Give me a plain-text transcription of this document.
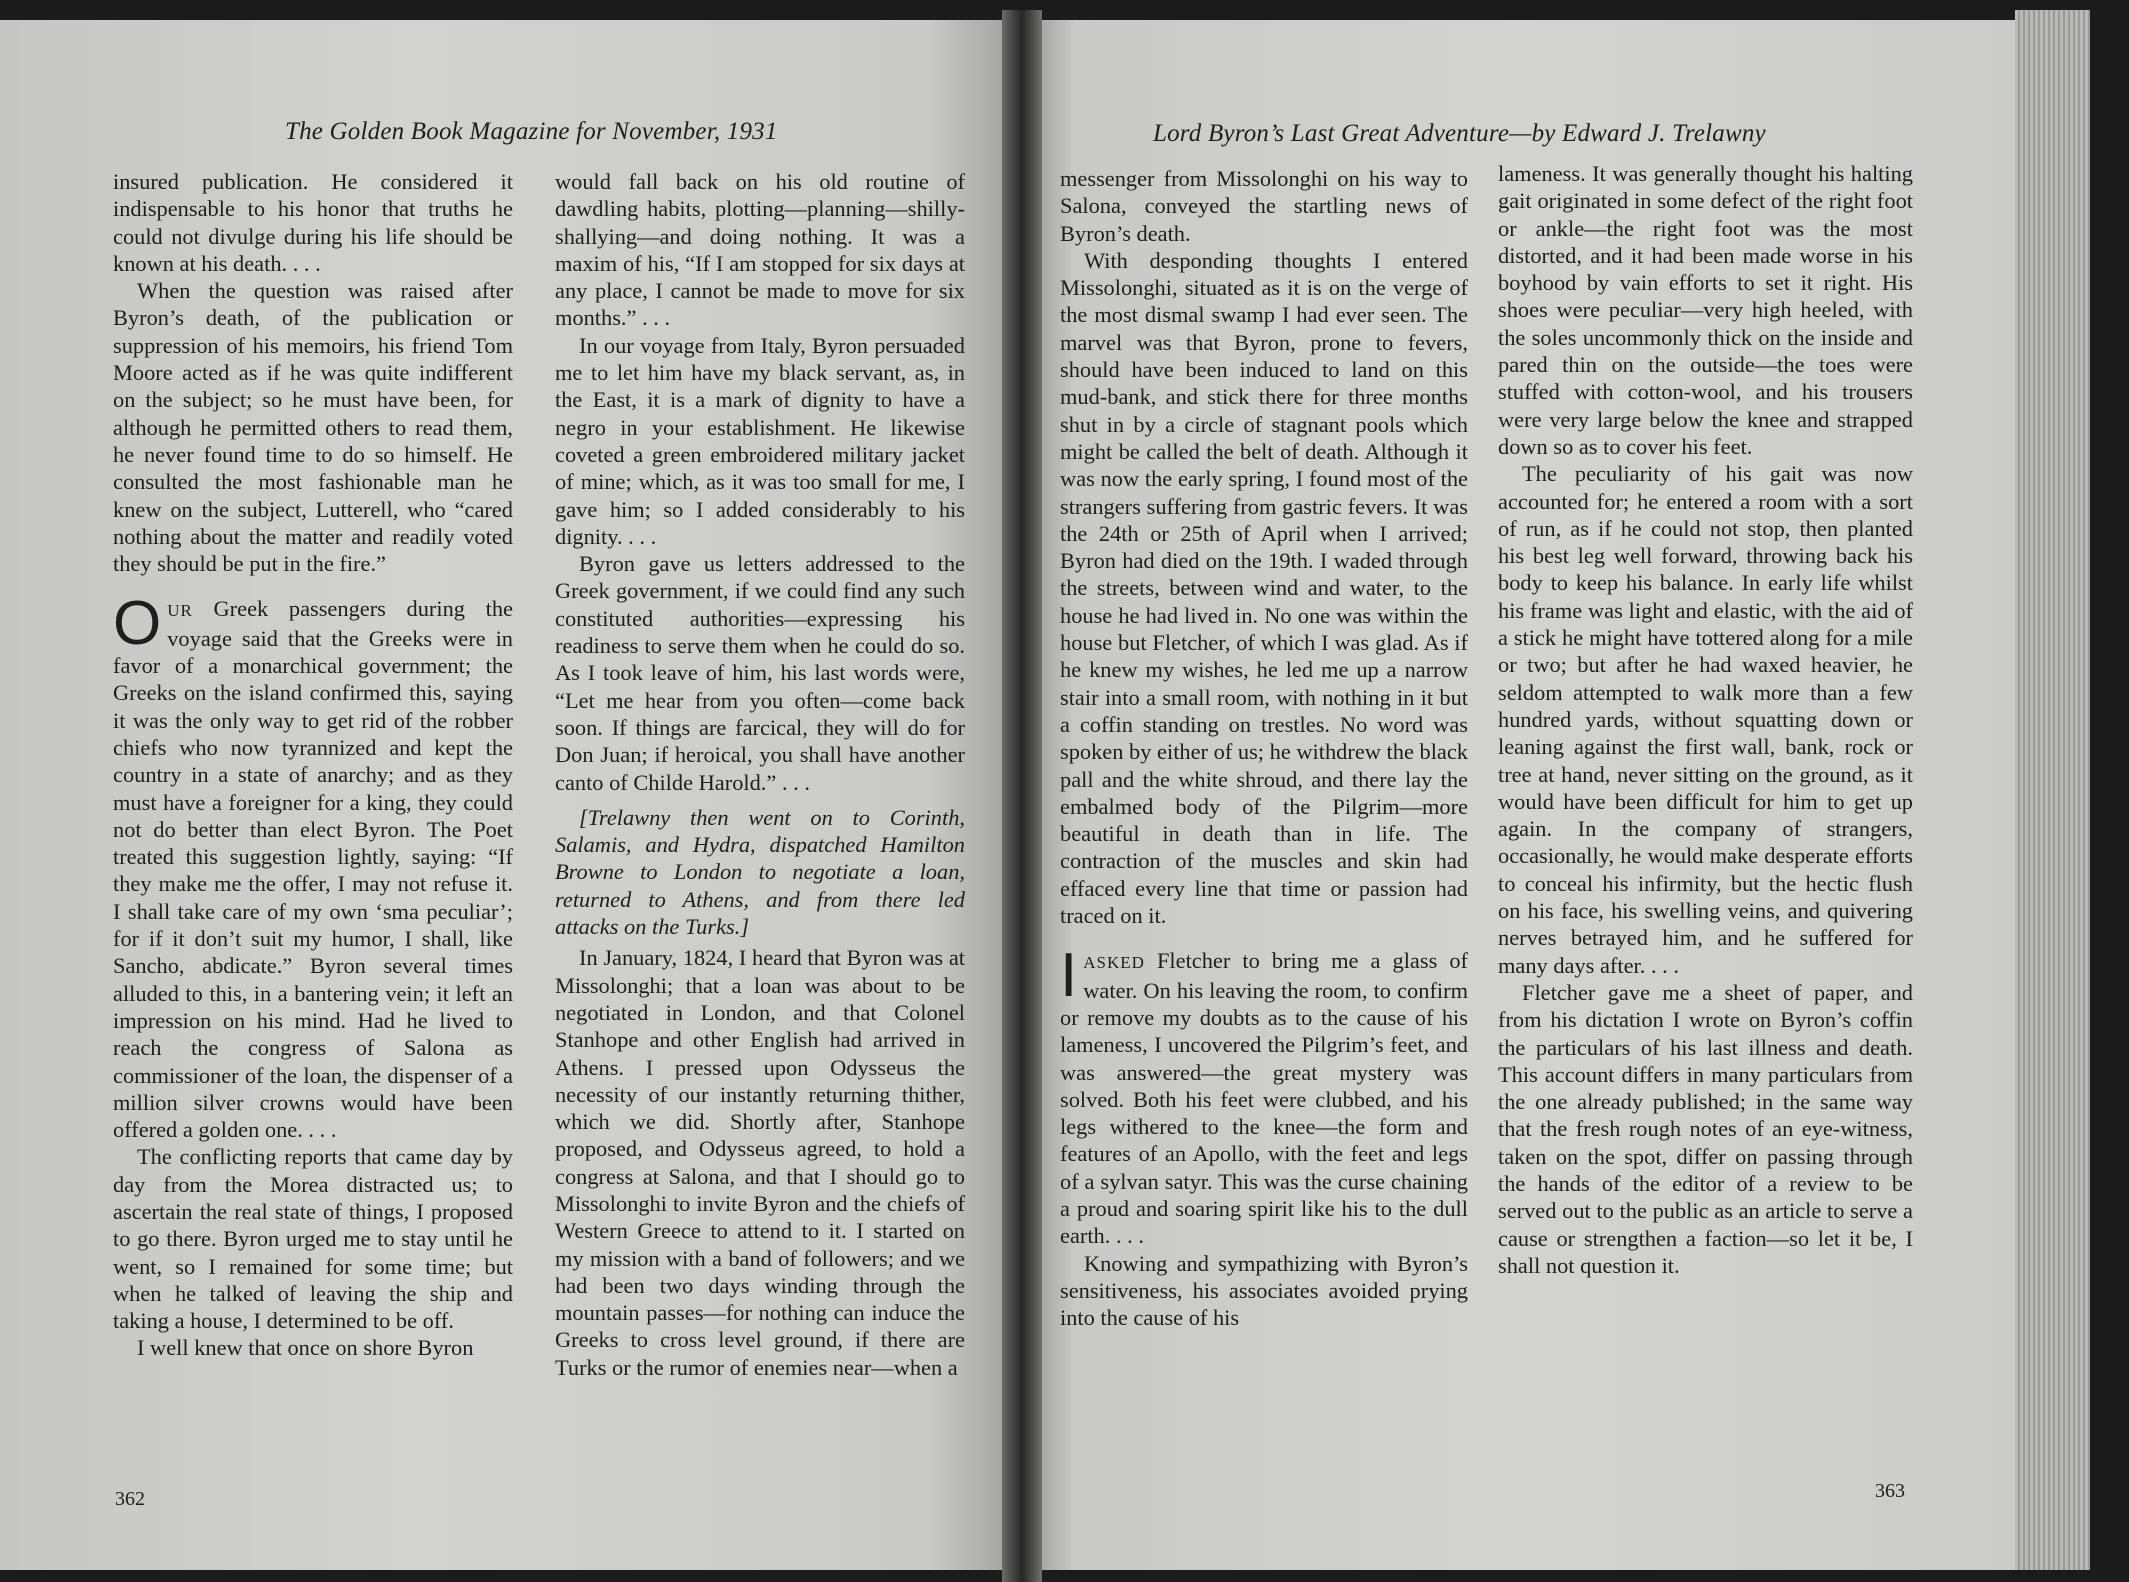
The Golden Book Magazine for November, 1931

insured publication. He considered it indispensable to his honor that truths he could not divulge during his life should be known at his death. . . .

When the question was raised after Byron’s death, of the publication or suppression of his memoirs, his friend Tom Moore acted as if he was quite indifferent on the subject; so he must have been, for although he permitted others to read them, he never found time to do so himself. He consulted the most fashionable man he knew on the subject, Lutterell, who “cared nothing about the matter and readily voted they should be put in the fire.”

OUR Greek passengers during the voyage said that the Greeks were in favor of a monarchical government; the Greeks on the island confirmed this, saying it was the only way to get rid of the robber chiefs who now tyrannized and kept the country in a state of anarchy; and as they must have a foreigner for a king, they could not do better than elect Byron. The Poet treated this suggestion lightly, saying: “If they make me the offer, I may not refuse it. I shall take care of my own ‘sma peculiar’; for if it don’t suit my humor, I shall, like Sancho, abdicate.” Byron several times alluded to this, in a bantering vein; it left an impression on his mind. Had he lived to reach the congress of Salona as commissioner of the loan, the dispenser of a million silver crowns would have been offered a golden one. . . .

The conflicting reports that came day by day from the Morea distracted us; to ascertain the real state of things, I proposed to go there. Byron urged me to stay until he went, so I remained for some time; but when he talked of leaving the ship and taking a house, I determined to be off.

I well knew that once on shore Byron

would fall back on his old routine of dawdling habits, plotting—planning—shilly-shallying—and doing nothing. It was a maxim of his, “If I am stopped for six days at any place, I cannot be made to move for six months.” . . .

In our voyage from Italy, Byron persuaded me to let him have my black servant, as, in the East, it is a mark of dignity to have a negro in your establishment. He likewise coveted a green embroidered military jacket of mine; which, as it was too small for me, I gave him; so I added considerably to his dignity. . . .

Byron gave us letters addressed to the Greek government, if we could find any such constituted authorities—expressing his readiness to serve them when he could do so. As I took leave of him, his last words were, “Let me hear from you often—come back soon. If things are farcical, they will do for Don Juan; if heroical, you shall have another canto of Childe Harold.” . . .

[Trelawny then went on to Corinth, Salamis, and Hydra, dispatched Hamilton Browne to London to negotiate a loan, returned to Athens, and from there led attacks on the Turks.]

In January, 1824, I heard that Byron was at Missolonghi; that a loan was about to be negotiated in London, and that Colonel Stanhope and other English had arrived in Athens. I pressed upon Odysseus the necessity of our instantly returning thither, which we did. Shortly after, Stanhope proposed, and Odysseus agreed, to hold a congress at Salona, and that I should go to Missolonghi to invite Byron and the chiefs of Western Greece to attend to it. I started on my mission with a band of followers; and we had been two days winding through the mountain passes—for nothing can induce the Greeks to cross level ground, if there are Turks or the rumor of enemies near—when a

362
Lord Byron’s Last Great Adventure—by Edward J. Trelawny

messenger from Missolonghi on his way to Salona, conveyed the startling news of Byron’s death.

With desponding thoughts I entered Missolonghi, situated as it is on the verge of the most dismal swamp I had ever seen. The marvel was that Byron, prone to fevers, should have been induced to land on this mud-bank, and stick there for three months shut in by a circle of stagnant pools which might be called the belt of death. Although it was now the early spring, I found most of the strangers suffering from gastric fevers. It was the 24th or 25th of April when I arrived; Byron had died on the 19th. I waded through the streets, between wind and water, to the house he had lived in. No one was within the house but Fletcher, of which I was glad. As if he knew my wishes, he led me up a narrow stair into a small room, with nothing in it but a coffin standing on trestles. No word was spoken by either of us; he withdrew the black pall and the white shroud, and there lay the embalmed body of the Pilgrim—more beautiful in death than in life. The contraction of the muscles and skin had effaced every line that time or passion had traced on it.

IASKED Fletcher to bring me a glass of water. On his leaving the room, to confirm or remove my doubts as to the cause of his lameness, I uncovered the Pilgrim’s feet, and was answered—the great mystery was solved. Both his feet were clubbed, and his legs withered to the knee—the form and features of an Apollo, with the feet and legs of a sylvan satyr. This was the curse chaining a proud and soaring spirit like his to the dull earth. . . .

Knowing and sympathizing with Byron’s sensitiveness, his associates avoided prying into the cause of his

lameness. It was generally thought his halting gait originated in some defect of the right foot or ankle—the right foot was the most distorted, and it had been made worse in his boyhood by vain efforts to set it right. His shoes were peculiar—very high heeled, with the soles uncommonly thick on the inside and pared thin on the outside—the toes were stuffed with cotton-wool, and his trousers were very large below the knee and strapped down so as to cover his feet.

The peculiarity of his gait was now accounted for; he entered a room with a sort of run, as if he could not stop, then planted his best leg well forward, throwing back his body to keep his balance. In early life whilst his frame was light and elastic, with the aid of a stick he might have tottered along for a mile or two; but after he had waxed heavier, he seldom attempted to walk more than a few hundred yards, without squatting down or leaning against the first wall, bank, rock or tree at hand, never sitting on the ground, as it would have been difficult for him to get up again. In the company of strangers, occasionally, he would make desperate efforts to conceal his infirmity, but the hectic flush on his face, his swelling veins, and quivering nerves betrayed him, and he suffered for many days after. . . .

Fletcher gave me a sheet of paper, and from his dictation I wrote on Byron’s coffin the particulars of his last illness and death. This account differs in many particulars from the one already published; in the same way that the fresh rough notes of an eye-witness, taken on the spot, differ on passing through the hands of the editor of a review to be served out to the public as an article to serve a cause or strengthen a faction—so let it be, I shall not question it.

363
